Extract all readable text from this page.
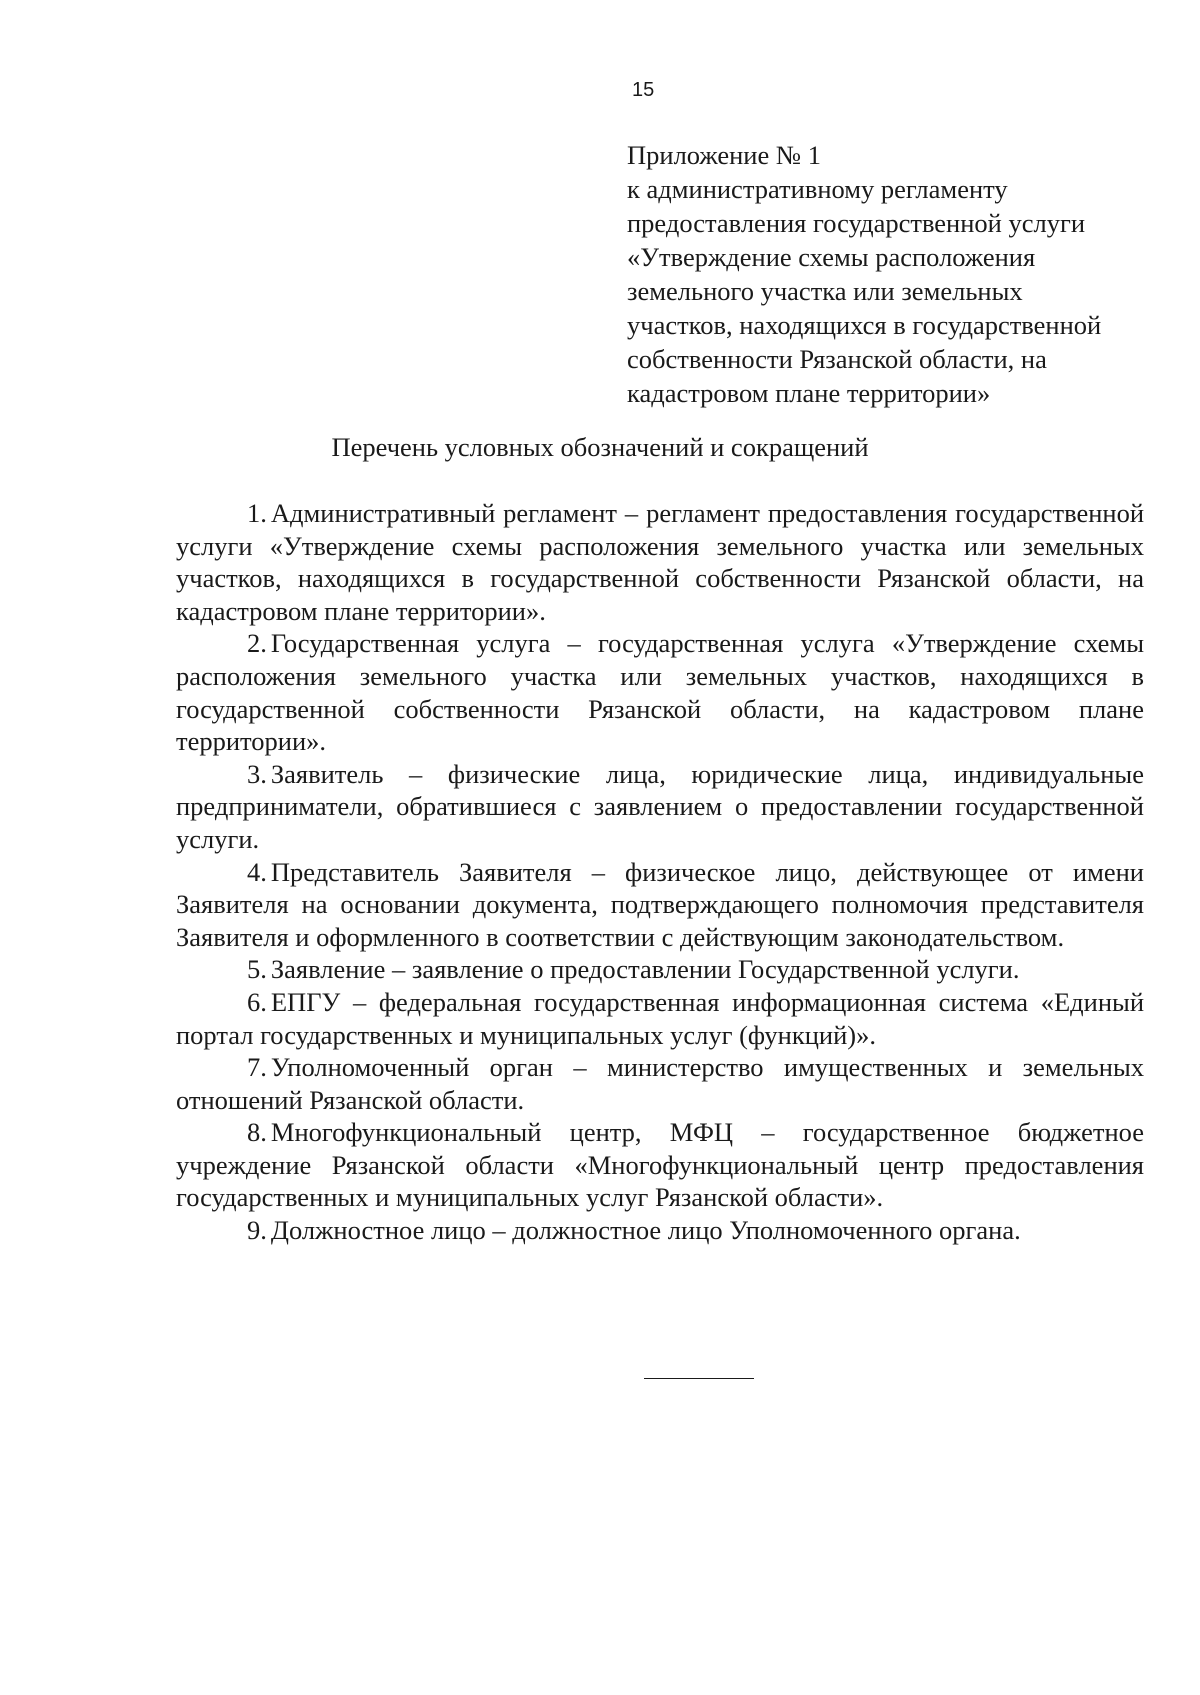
15
Приложение № 1
к административному регламенту
предоставления государственной услуги
«Утверждение схемы расположения
земельного участка или земельных
участков, находящихся в государственной
собственности Рязанской области, на
кадастровом плане территории»
Перечень условных обозначений и сокращений

1. Административный регламент – регламент предоставления государственной услуги «Утверждение схемы расположения земельного участка или земельных участков, находящихся в государственной собственности Рязанской области, на кадастровом плане территории».

2. Государственная услуга – государственная услуга «Утверждение схемы расположения земельного участка или земельных участков, находящихся в государственной собственности Рязанской области, на кадастровом плане территории».

3. Заявитель – физические лица, юридические лица, индивидуальные предприниматели, обратившиеся с заявлением о предоставлении государственной услуги.

4. Представитель Заявителя – физическое лицо, действующее от имени Заявителя на основании документа, подтверждающего полномочия представителя Заявителя и оформленного в соответствии с действующим законодательством.

5. Заявление – заявление о предоставлении Государственной услуги.

6. ЕПГУ – федеральная государственная информационная система «Единый портал государственных и муниципальных услуг (функций)».

7. Уполномоченный орган – министерство имущественных и земельных отношений Рязанской области.

8. Многофункциональный центр, МФЦ – государственное бюджетное учреждение Рязанской области «Многофункциональный центр предоставления государственных и муниципальных услуг Рязанской области».

9. Должностное лицо – должностное лицо Уполномоченного органа.
